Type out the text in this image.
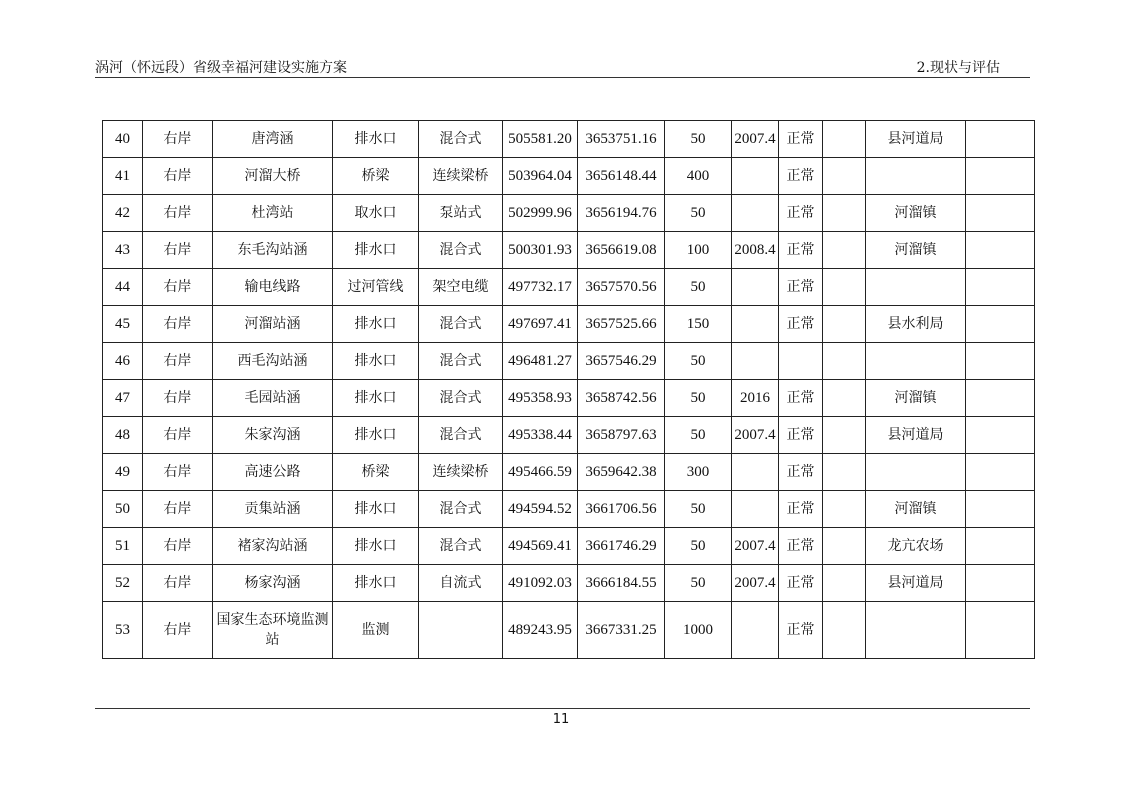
涡河（怀远段）省级幸福河建设实施方案	2.现状与评估
40	右岸	唐湾涵	排水口	混合式	505581.20	3653751.16	50	2007.4	正常		县河道局	
41	右岸	河溜大桥	桥梁	连续梁桥	503964.04	3656148.44	400		正常			
42	右岸	杜湾站	取水口	泵站式	502999.96	3656194.76	50		正常		河溜镇	
43	右岸	东毛沟站涵	排水口	混合式	500301.93	3656619.08	100	2008.4	正常		河溜镇	
44	右岸	输电线路	过河管线	架空电缆	497732.17	3657570.56	50		正常			
45	右岸	河溜站涵	排水口	混合式	497697.41	3657525.66	150		正常		县水利局	
46	右岸	西毛沟站涵	排水口	混合式	496481.27	3657546.29	50					
47	右岸	毛园站涵	排水口	混合式	495358.93	3658742.56	50	2016	正常		河溜镇	
48	右岸	朱家沟涵	排水口	混合式	495338.44	3658797.63	50	2007.4	正常		县河道局	
49	右岸	高速公路	桥梁	连续梁桥	495466.59	3659642.38	300		正常			
50	右岸	贡集站涵	排水口	混合式	494594.52	3661706.56	50		正常		河溜镇	
51	右岸	褚家沟站涵	排水口	混合式	494569.41	3661746.29	50	2007.4	正常		龙亢农场	
52	右岸	杨家沟涵	排水口	自流式	491092.03	3666184.55	50	2007.4	正常		县河道局	
53	右岸	国家生态环境监测站	监测		489243.95	3667331.25	1000		正常			
11
